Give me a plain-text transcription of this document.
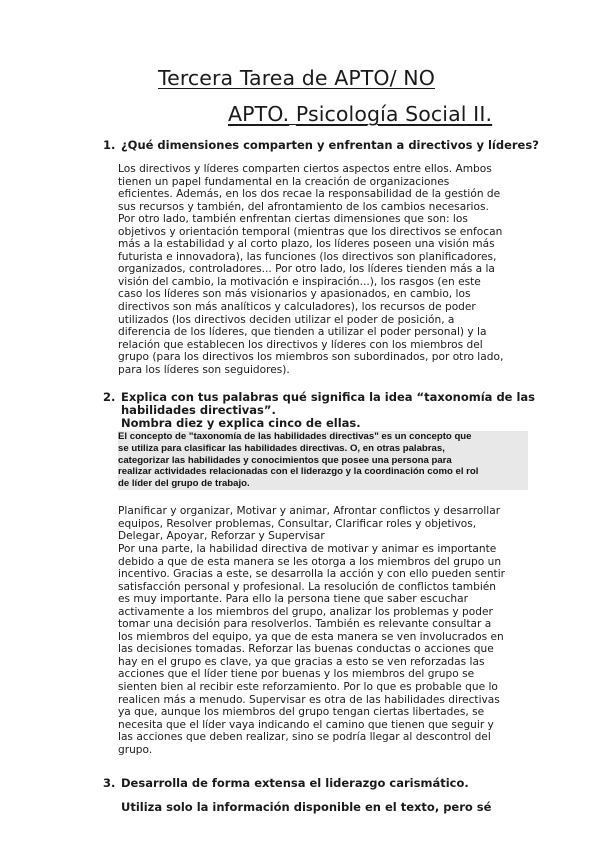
Tercera Tarea de APTO/ NO
APTO. Psicología Social II.
1. ¿Qué dimensiones comparten y enfrentan a directivos y líderes?
Los directivos y líderes comparten ciertos aspectos entre ellos. Ambos
tienen un papel fundamental en la creación de organizaciones
eficientes. Además, en los dos recae la responsabilidad de la gestión de
sus recursos y también, del afrontamiento de los cambios necesarios.
Por otro lado, también enfrentan ciertas dimensiones que son: los
objetivos y orientación temporal (mientras que los directivos se enfocan
más a la estabilidad y al corto plazo, los líderes poseen una visión más
futurista e innovadora), las funciones (los directivos son planificadores,
organizados, controladores... Por otro lado, los líderes tienden más a la
visión del cambio, la motivación e inspiración...), los rasgos (en este
caso los líderes son más visionarios y apasionados, en cambio, los
directivos son más analíticos y calculadores), los recursos de poder
utilizados (los directivos deciden utilizar el poder de posición, a
diferencia de los líderes, que tienden a utilizar el poder personal) y la
relación que establecen los directivos y líderes con los miembros del
grupo (para los directivos los miembros son subordinados, por otro lado,
para los líderes son seguidores).
2. Explica con tus palabras qué significa la idea “taxonomía de las
habilidades directivas”.
Nombra diez y explica cinco de ellas.
El concepto de "taxonomía de las habilidades directivas" es un concepto que
se utiliza para clasificar las habilidades directivas. O, en otras palabras,
categorizar las habilidades y conocimientos que posee una persona para
realizar actividades relacionadas con el liderazgo y la coordinación como el rol
de líder del grupo de trabajo.
Planificar y organizar, Motivar y animar, Afrontar conflictos y desarrollar
equipos, Resolver problemas, Consultar, Clarificar roles y objetivos,
Delegar, Apoyar, Reforzar y Supervisar
Por una parte, la habilidad directiva de motivar y animar es importante
debido a que de esta manera se les otorga a los miembros del grupo un
incentivo. Gracias a este, se desarrolla la acción y con ello pueden sentir
satisfacción personal y profesional. La resolución de conflictos también
es muy importante. Para ello la persona tiene que saber escuchar
activamente a los miembros del grupo, analizar los problemas y poder
tomar una decisión para resolverlos. También es relevante consultar a
los miembros del equipo, ya que de esta manera se ven involucrados en
las decisiones tomadas. Reforzar las buenas conductas o acciones que
hay en el grupo es clave, ya que gracias a esto se ven reforzadas las
acciones que el líder tiene por buenas y los miembros del grupo se
sienten bien al recibir este reforzamiento. Por lo que es probable que lo
realicen más a menudo. Supervisar es otra de las habilidades directivas
ya que, aunque los miembros del grupo tengan ciertas libertades, se
necesita que el líder vaya indicando el camino que tienen que seguir y
las acciones que deben realizar, sino se podría llegar al descontrol del
grupo.
3. Desarrolla de forma extensa el liderazgo carismático.
Utiliza solo la información disponible en el texto, pero sé
